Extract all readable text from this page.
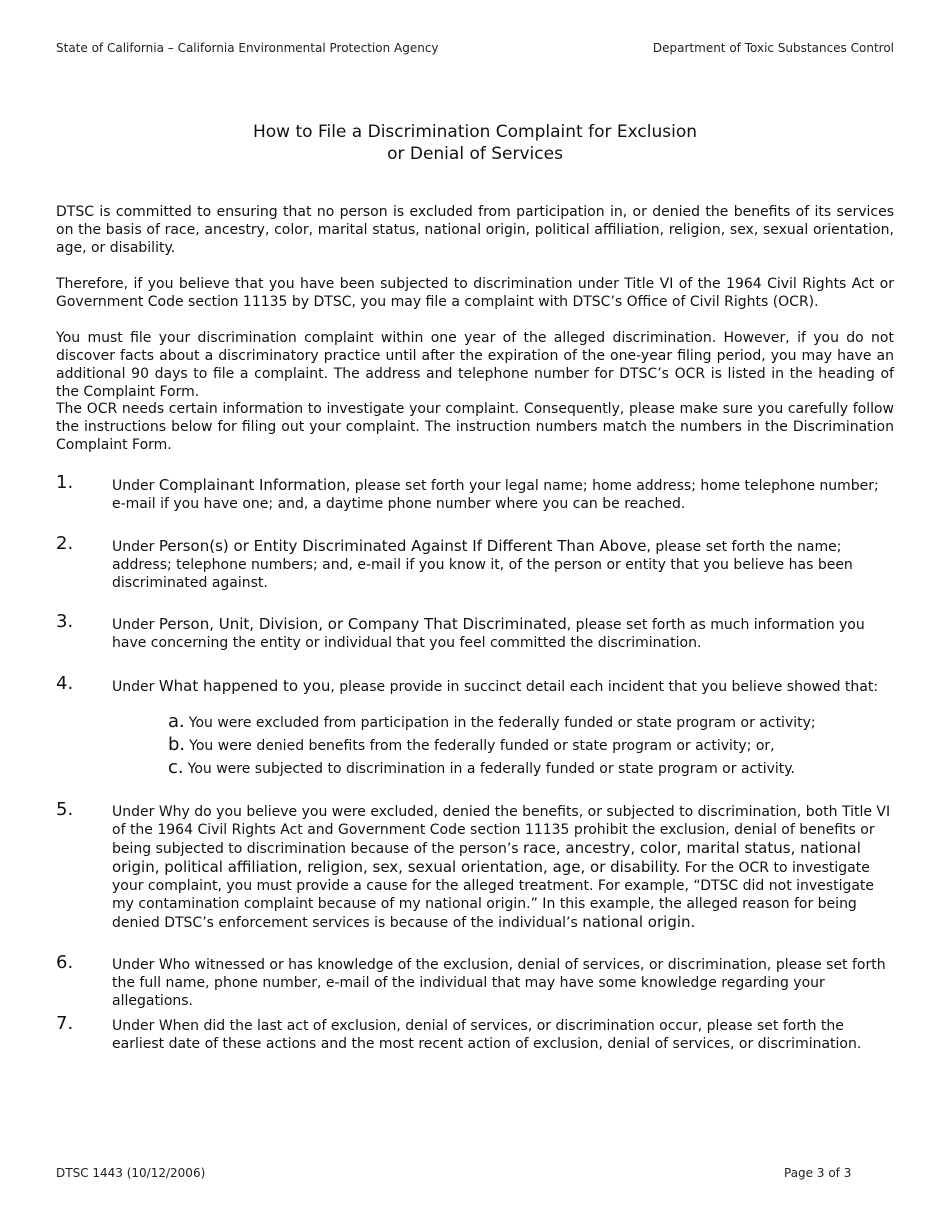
State of California – California Environmental Protection Agency	Department of Toxic Substances Control
How to File a Discrimination Complaint for Exclusion
or Denial of Services

DTSC is committed to ensuring that no person is excluded from participation in, or denied the benefits of its services on the basis of race, ancestry, color, marital status, national origin, political affiliation, religion, sex, sexual orientation, age, or disability.

Therefore, if you believe that you have been subjected to discrimination under Title VI of the 1964 Civil Rights Act or Government Code section 11135 by DTSC, you may file a complaint with DTSC’s Office of Civil Rights (OCR).

You must file your discrimination complaint within one year of the alleged discrimination. However, if you do not discover facts about a discriminatory practice until after the expiration of the one-year filing period, you may have an additional 90 days to file a complaint. The address and telephone number for DTSC’s OCR is listed in the heading of the Complaint Form.

The OCR needs certain information to investigate your complaint. Consequently, please make sure you carefully follow the instructions below for filing out your complaint. The instruction numbers match the numbers in the Discrimination Complaint Form.

1.	Under Complainant Information, please set forth your legal name; home address; home telephone number; e-mail if you have one; and, a daytime phone number where you can be reached.
2.	Under Person(s) or Entity Discriminated Against If Different Than Above, please set forth the name; address; telephone numbers; and, e-mail if you know it, of the person or entity that you believe has been discriminated against.
3.	Under Person, Unit, Division, or Company That Discriminated, please set forth as much information you have concerning the entity or individual that you feel committed the discrimination.
4.	Under What happened to you, please provide in succinct detail each incident that you believe showed that:
a. You were excluded from participation in the federally funded or state program or activity;
b. You were denied benefits from the federally funded or state program or activity; or,
c. You were subjected to discrimination in a federally funded or state program or activity.
5.	Under Why do you believe you were excluded, denied the benefits, or subjected to discrimination, both Title VI of the 1964 Civil Rights Act and Government Code section 11135 prohibit the exclusion, denial of benefits or being subjected to discrimination because of the person’s race, ancestry, color, marital status, national origin, political affiliation, religion, sex, sexual orientation, age, or disability. For the OCR to investigate your complaint, you must provide a cause for the alleged treatment. For example, “DTSC did not investigate my contamination complaint because of my national origin.” In this example, the alleged reason for being denied DTSC’s enforcement services is because of the individual’s national origin.
6.	Under Who witnessed or has knowledge of the exclusion, denial of services, or discrimination, please set forth the full name, phone number, e-mail of the individual that may have some knowledge regarding your allegations.
7.	Under When did the last act of exclusion, denial of services, or discrimination occur, please set forth the earliest date of these actions and the most recent action of exclusion, denial of services, or discrimination.
DTSC 1443 (10/12/2006)	Page 3 of 3
